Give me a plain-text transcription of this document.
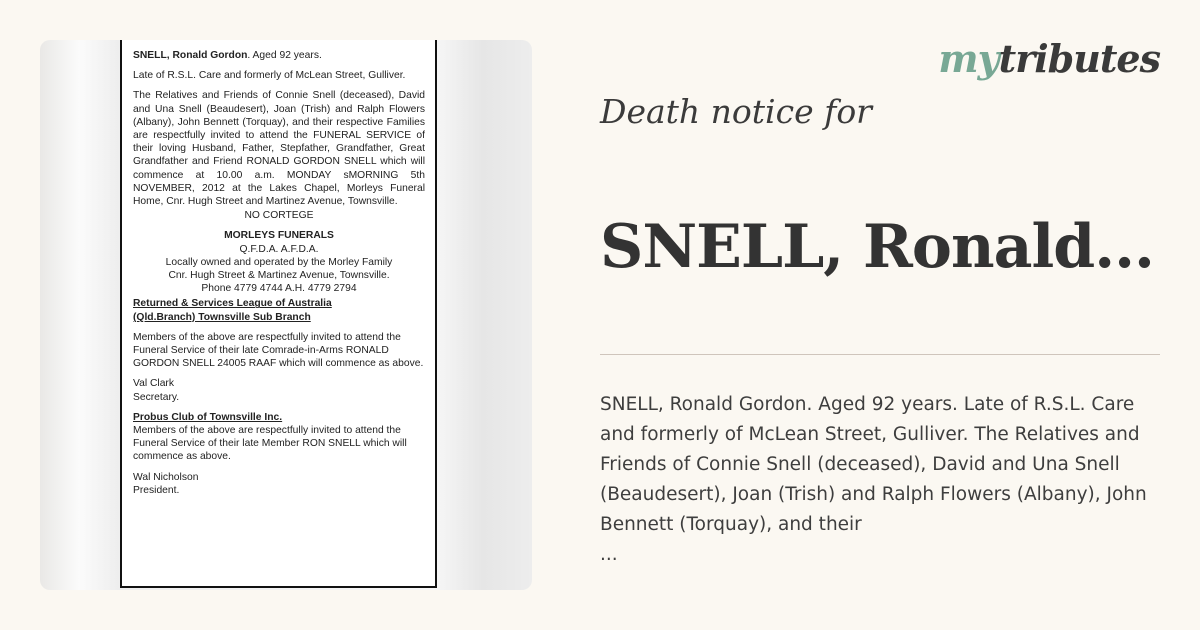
SNELL, Ronald Gordon. Aged 92 years.

Late of R.S.L. Care and formerly of McLean Street, Gulliver.

The Relatives and Friends of Connie Snell (deceased), David and Una Snell (Beaudesert), Joan (Trish) and Ralph Flowers (Albany), John Bennett (Torquay), and their respective Families are respectfully invited to attend the FUNERAL SERVICE of their loving Husband, Father, Stepfather, Grandfather, Great Grandfather and Friend RONALD GORDON SNELL which will commence at 10.00 a.m. MONDAY sMORNING 5th NOVEMBER, 2012 at the Lakes Chapel, Morleys Funeral Home, Cnr. Hugh Street and Martinez Avenue, Townsville.

NO CORTEGE

MORLEYS FUNERALS

Q.F.D.A. A.F.D.A.

Locally owned and operated by the Morley Family

Cnr. Hugh Street & Martinez Avenue, Townsville.

Phone 4779 4744 A.H. 4779 2794

Returned & Services League of Australia

(Qld.Branch) Townsville Sub Branch

Members of the above are respectfully invited to attend the Funeral Service of their late Comrade-in-Arms RONALD GORDON SNELL 24005 RAAF which will commence as above.

Val Clark

Secretary.

Probus Club of Townsville Inc.

Members of the above are respectfully invited to attend the Funeral Service of their late Member RON SNELL which will commence as above.

Wal Nicholson

President.

mytributes
Death notice for
SNELL, Ronald...
SNELL, Ronald Gordon. Aged 92 years. Late of R.S.L. Care and formerly of McLean Street, Gulliver. The Relatives and Friends of Connie Snell (deceased), David and Una Snell (Beaudesert), Joan (Trish) and Ralph Flowers (Albany), John Bennett (Torquay), and their
...
